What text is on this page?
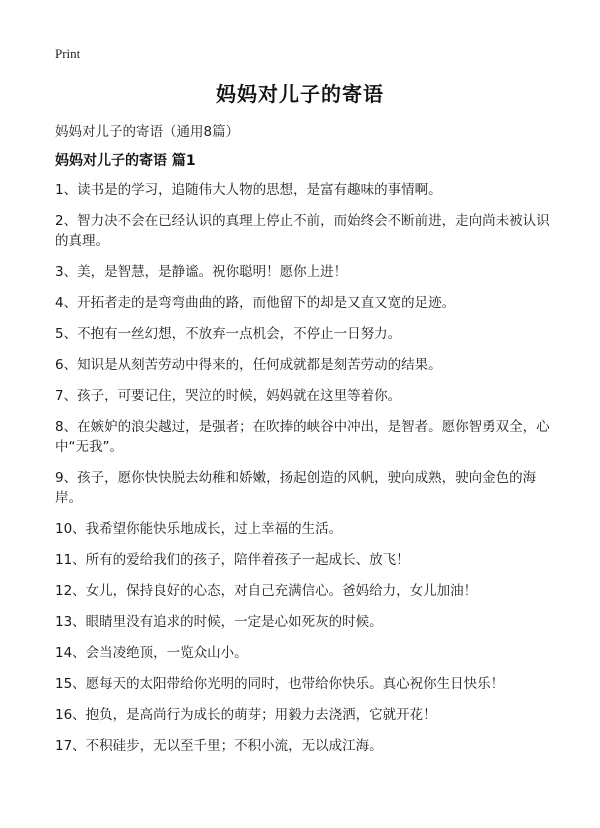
Print
妈妈对儿子的寄语
妈妈对儿子的寄语（通用8篇）
妈妈对儿子的寄语 篇1
1、读书是的学习，追随伟大人物的思想，是富有趣味的事情啊。
2、智力决不会在已经认识的真理上停止不前，而始终会不断前进，走向尚未被认识的真理。
3、美，是智慧，是静谧。祝你聪明！愿你上进！
4、开拓者走的是弯弯曲曲的路，而他留下的却是又直又宽的足迹。
5、不抱有一丝幻想，不放弃一点机会，不停止一日努力。
6、知识是从刻苦劳动中得来的，任何成就都是刻苦劳动的结果。
7、孩子，可要记住，哭泣的时候，妈妈就在这里等着你。
8、在嫉妒的浪尖越过，是强者；在吹捧的峡谷中冲出，是智者。愿你智勇双全，心中“无我”。
9、孩子，愿你快快脱去幼稚和娇嫩，扬起创造的风帆，驶向成熟，驶向金色的海岸。
10、我希望你能快乐地成长，过上幸福的生活。
11、所有的爱给我们的孩子，陪伴着孩子一起成长、放飞！
12、女儿，保持良好的心态，对自己充满信心。爸妈给力，女儿加油！
13、眼睛里没有追求的时候，一定是心如死灰的时候。
14、会当凌绝顶，一览众山小。
15、愿每天的太阳带给你光明的同时，也带给你快乐。真心祝你生日快乐！
16、抱负，是高尚行为成长的萌芽；用毅力去浇洒，它就开花！
17、不积硅步，无以至千里；不积小流，无以成江海。
